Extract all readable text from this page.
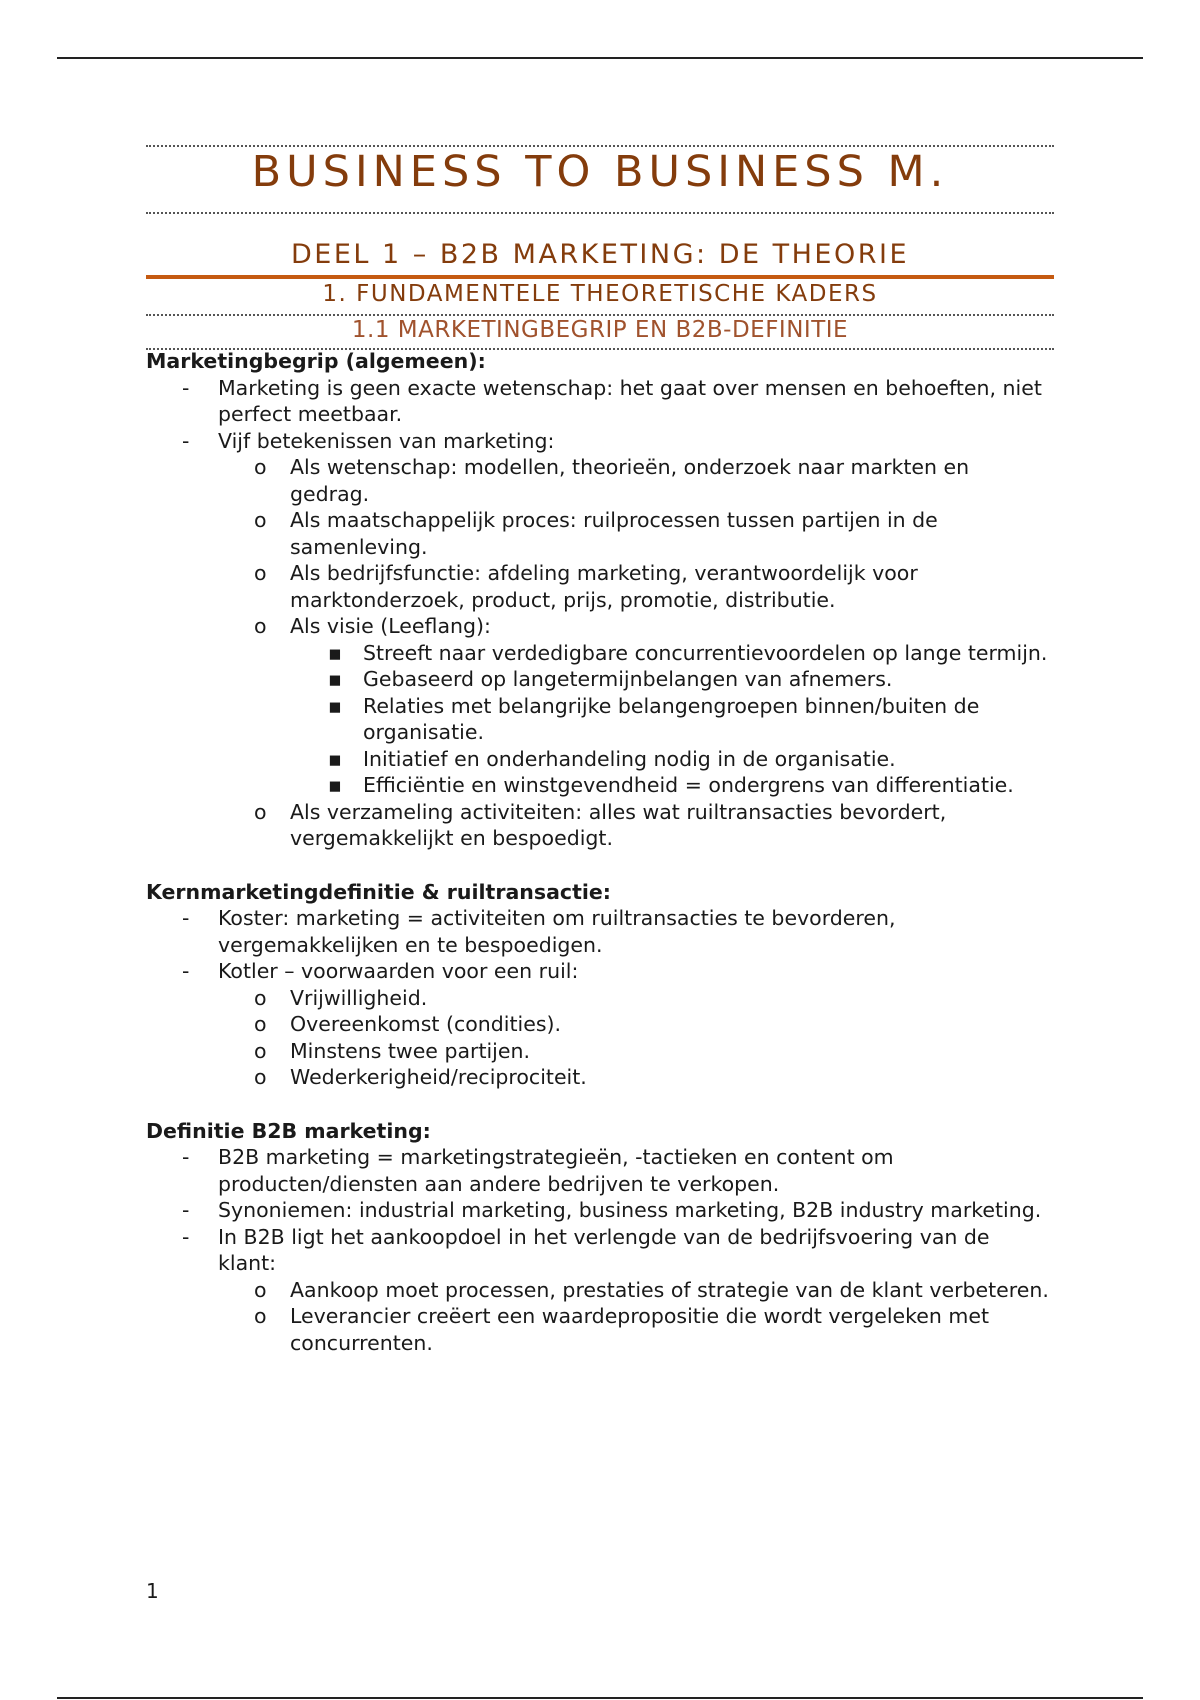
BUSINESS TO BUSINESS M.
DEEL 1 – B2B MARKETING: DE THEORIE
1. FUNDAMENTELE THEORETISCHE KADERS
1.1 MARKETINGBEGRIP EN B2B-DEFINITIE
Marketingbegrip (algemeen):
- Marketing is geen exacte wetenschap: het gaat over mensen en behoeften, niet perfect meetbaar.
- Vijf betekenissen van marketing:
o Als wetenschap: modellen, theorieën, onderzoek naar markten en gedrag.
o Als maatschappelijk proces: ruilprocessen tussen partijen in de samenleving.
o Als bedrijfsfunctie: afdeling marketing, verantwoordelijk voor marktonderzoek, product, prijs, promotie, distributie.
o Als visie (Leeflang):
▪ Streeft naar verdedigbare concurrentievoordelen op lange termijn.
▪ Gebaseerd op langetermijnbelangen van afnemers.
▪ Relaties met belangrijke belangengroepen binnen/buiten de organisatie.
▪ Initiatief en onderhandeling nodig in de organisatie.
▪ Efficiëntie en winstgevendheid = ondergrens van differentiatie.
o Als verzameling activiteiten: alles wat ruiltransacties bevordert, vergemakkelijkt en bespoedigt.
Kernmarketingdefinitie & ruiltransactie:
- Koster: marketing = activiteiten om ruiltransacties te bevorderen, vergemakkelijken en te bespoedigen.
- Kotler – voorwaarden voor een ruil:
o Vrijwilligheid.
o Overeenkomst (condities).
o Minstens twee partijen.
o Wederkerigheid/reciprociteit.
Definitie B2B marketing:
- B2B marketing = marketingstrategieën, -tactieken en content om producten/diensten aan andere bedrijven te verkopen.
- Synoniemen: industrial marketing, business marketing, B2B industry marketing.
- In B2B ligt het aankoopdoel in het verlengde van de bedrijfsvoering van de klant:
o Aankoop moet processen, prestaties of strategie van de klant verbeteren.
o Leverancier creëert een waardepropositie die wordt vergeleken met concurrenten.
1
